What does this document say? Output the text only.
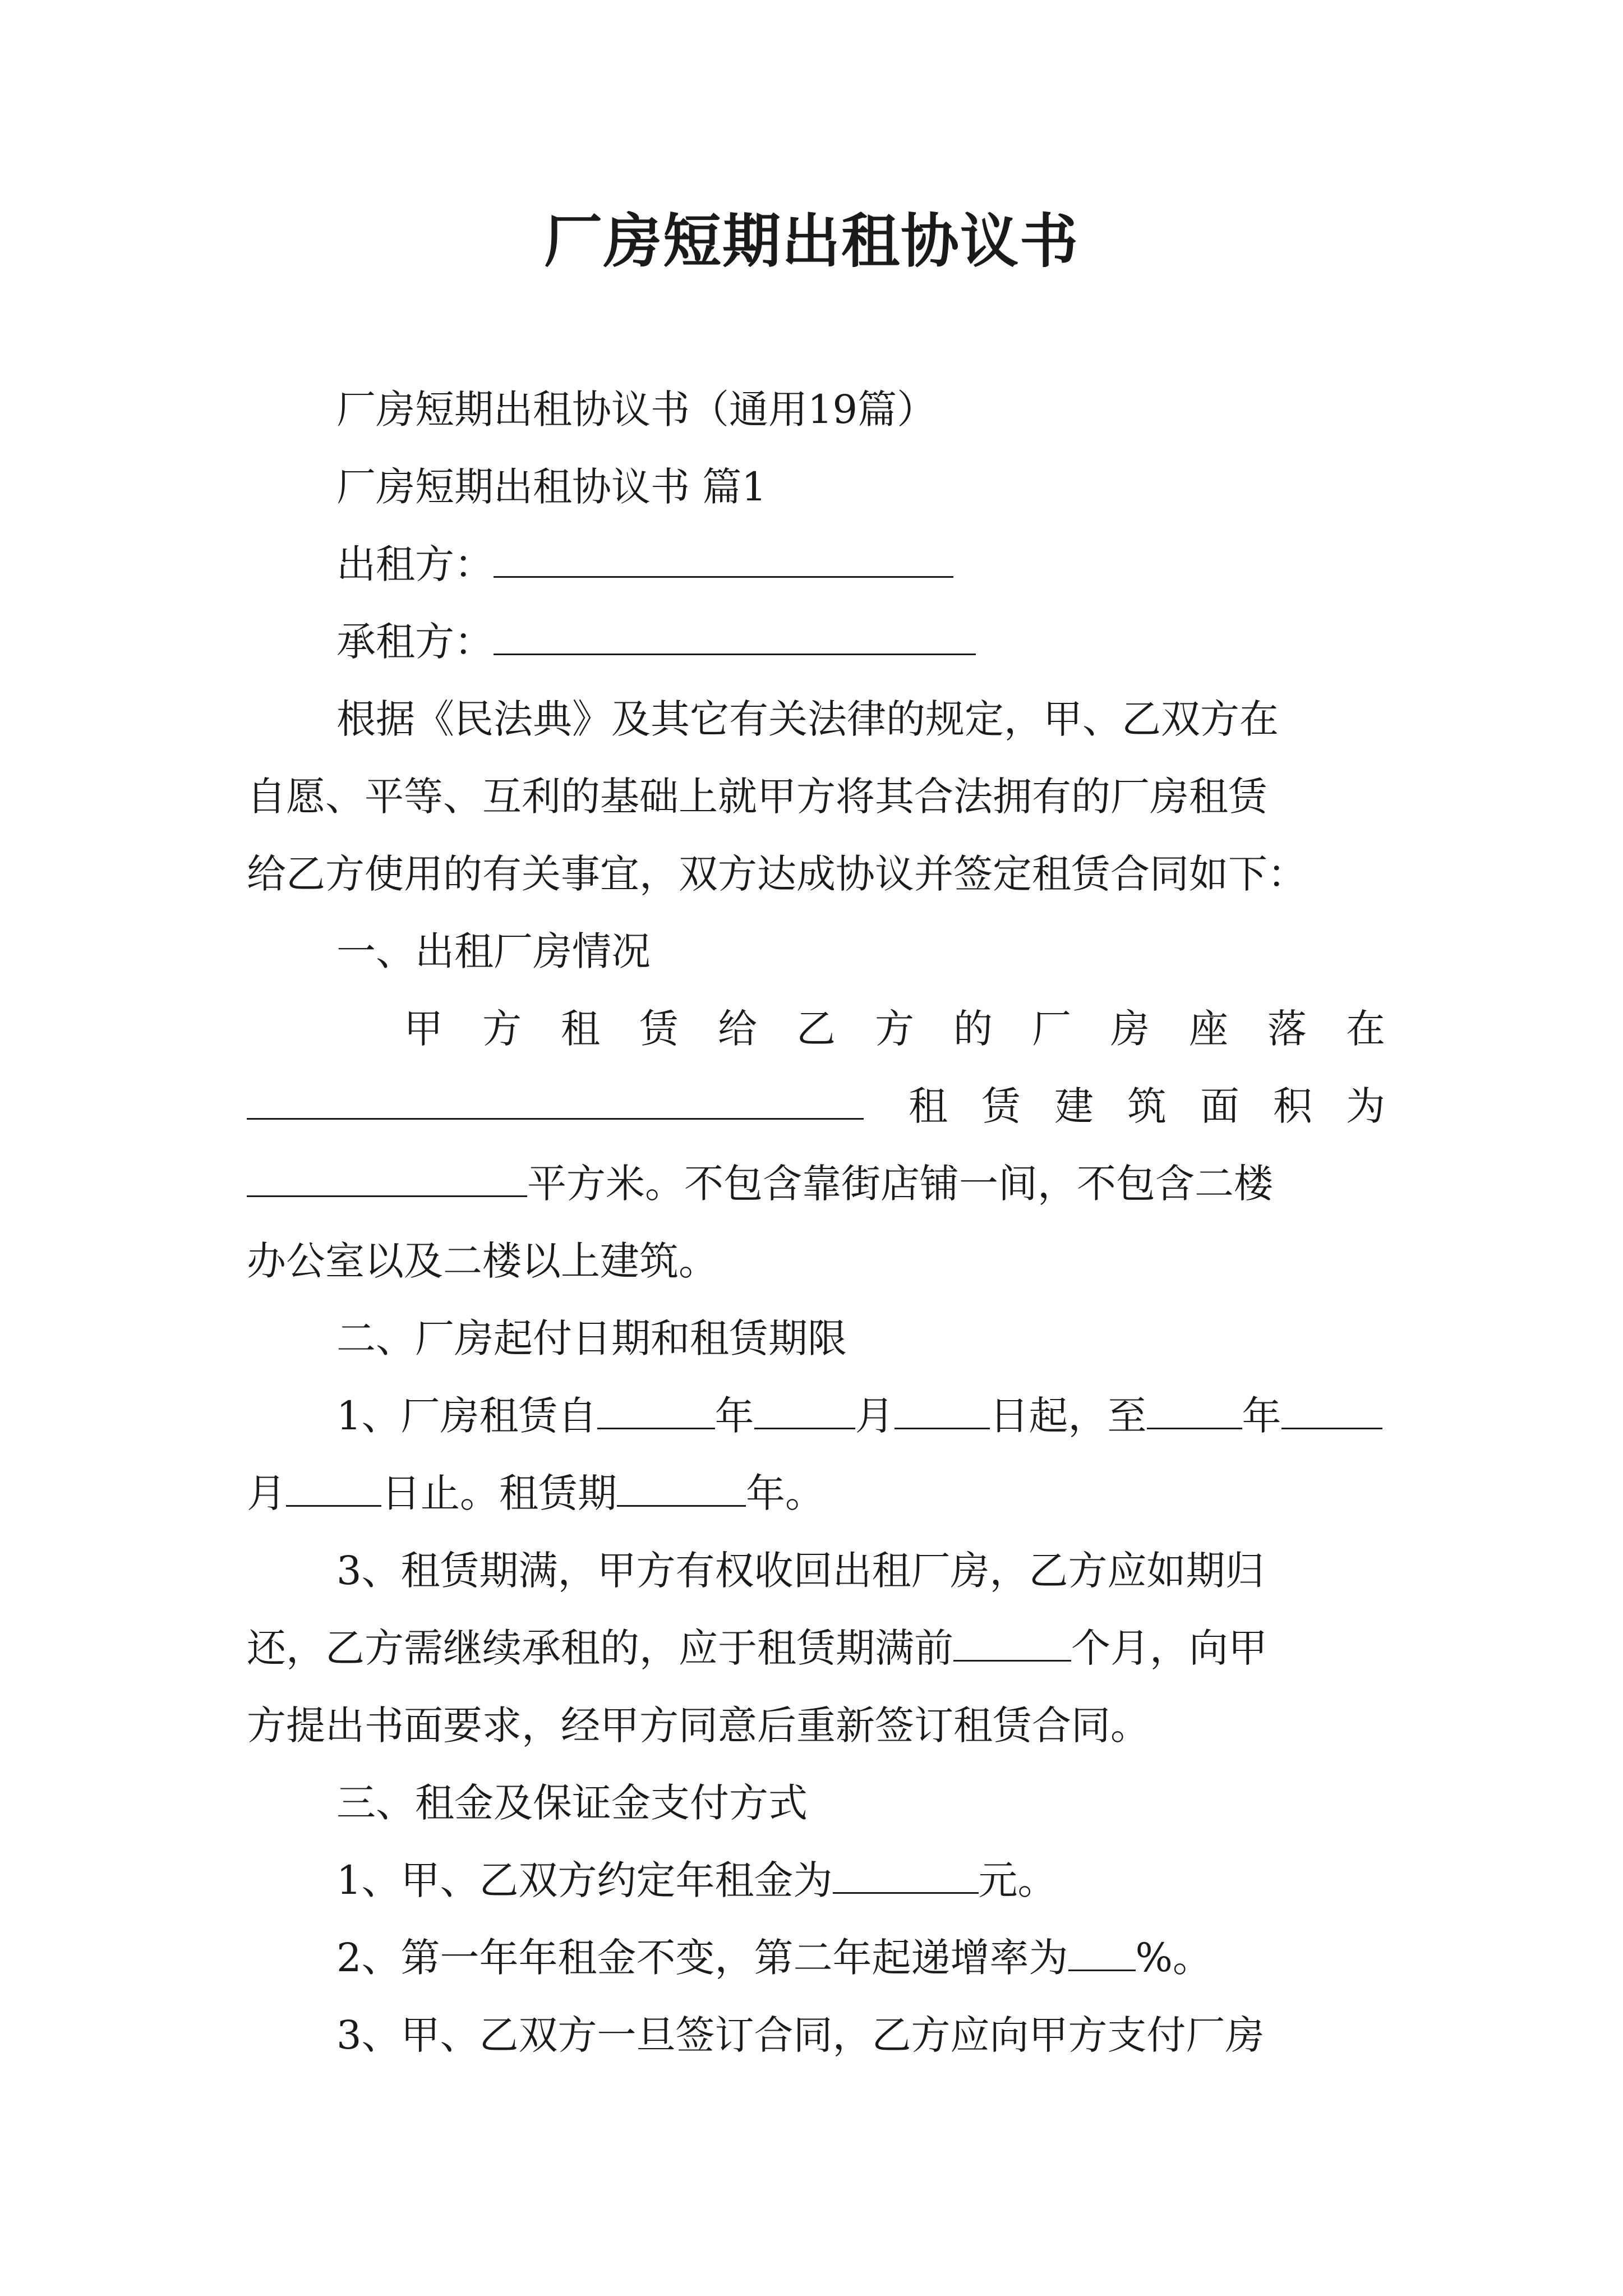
厂房短期出租协议书

厂房短期出租协议书（通用19篇）

厂房短期出租协议书 篇1

出租方：

承租方：

根据《民法典》及其它有关法律的规定，甲、乙双方在

自愿、平等、互利的基础上就甲方将其合法拥有的厂房租赁

给乙方使用的有关事宜，双方达成协议并签定租赁合同如下：

一、出租厂房情况

甲 方 租 赁 给 乙 方 的 厂 房 座 落 在

租 赁 建 筑 面 积 为

平方米。不包含靠街店铺一间，不包含二楼

办公室以及二楼以上建筑。

二、厂房起付日期和租赁期限

1、厂房租赁自	年	月 日起，至 年

月 日止。租赁期	年。

3、租赁期满，甲方有权收回出租厂房，乙方应如期归

还，乙方需继续承租的，应于租赁期满前	个月，向甲

方提出书面要求，经甲方同意后重新签订租赁合同。

三、租金及保证金支付方式

1、甲、乙双方约定年租金为	元。

2、第一年年租金不变，第二年起递增率为 %。

3、甲、乙双方一旦签订合同，乙方应向甲方支付厂房
